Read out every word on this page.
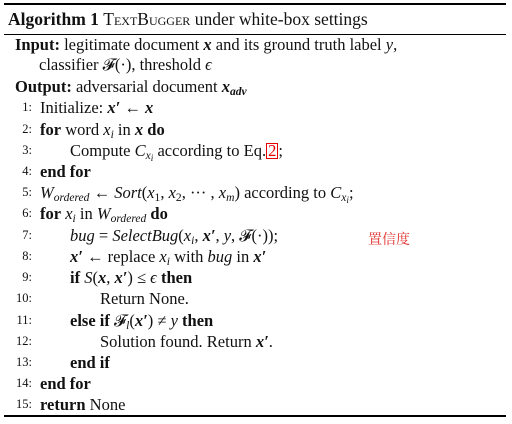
Algorithm 1 TextBugger under white-box settings
Input: legitimate document x and its ground truth label y,
classifier 𝓕(·), threshold ϵ
Output: adversarial document $x_{adv}$
1: Initialize: x′ ← x
2: for word $x_i$ in x do
3: Compute $C_{x_i}$ according to Eq. 2 ;
4: end for
5: $W_{ordered}$ ← $Sort(x_1$, $x_2$, ··· , $x_m$) according to $C_{x_i}$;
6: for $x_i$ in $W_{ordered}$ do
7: bug = $SelectBug(x_i$, x′, y, 𝓕(·));	置信度
8: x′ ← replace $x_i$ with bug in x′
9: if S(x, x′) ≤ ϵ then
10:	Return None.
11: else if 𝓕$_l$(x′) ≠ y then
12:	Solution found. Return x′.
13: end if
14: end for
15: return None
